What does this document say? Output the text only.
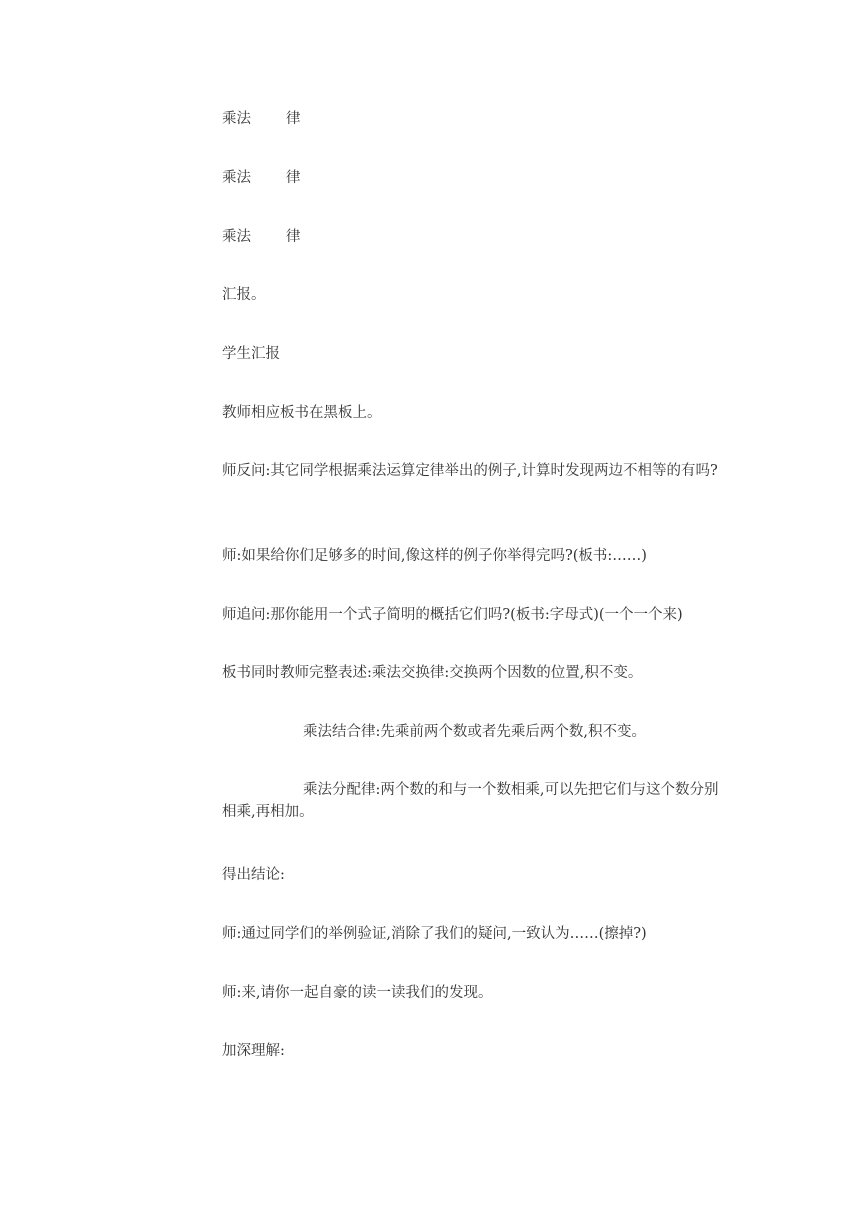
乘法 律
乘法 律
乘法 律
汇报。
学生汇报
教师相应板书在黑板上。
师反问:其它同学根据乘法运算定律举出的例子,计算时发现两边不相等的有吗?
师:如果给你们足够多的时间,像这样的例子你举得完吗?(板书:……)
师追问:那你能用一个式子简明的概括它们吗?(板书:字母式)(一个一个来)
板书同时教师完整表述:乘法交换律:交换两个因数的位置,积不变。
乘法结合律:先乘前两个数或者先乘后两个数,积不变。
乘法分配律:两个数的和与一个数相乘,可以先把它们与这个数分别相乘,再相加。
得出结论:
师:通过同学们的举例验证,消除了我们的疑问,一致认为……(擦掉?)
师:来,请你一起自豪的读一读我们的发现。
加深理解:
